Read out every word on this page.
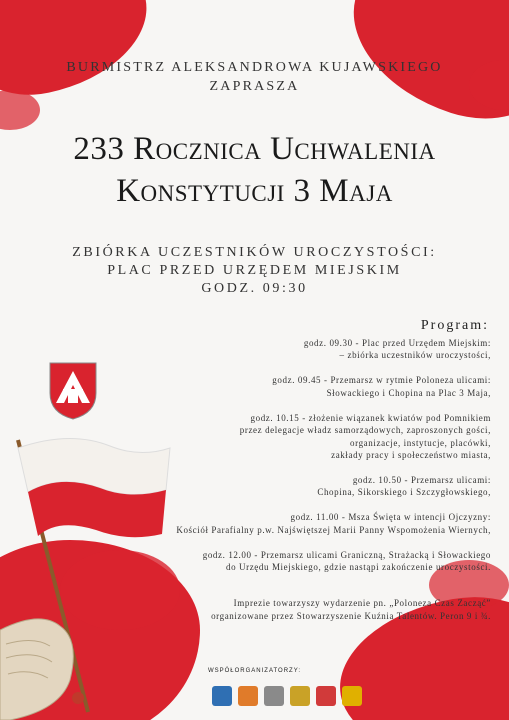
BURMISTRZ ALEKSANDROWA KUJAWSKIEGO
ZAPRASZA
233 Rocznica Uchwalenia
Konstytucji 3 Maja
ZBIÓRKA UCZESTNIKÓW UROCZYSTOŚCI:
PLAC PRZED URZĘDEM MIEJSKIM
GODZ. 09:30
Program:
godz. 09.30 - Plac przed Urzędem Miejskim:
– zbiórka uczestników uroczystości,
godz. 09.45 - Przemarsz w rytmie Poloneza ulicami:
Słowackiego i Chopina na Plac 3 Maja,
godz. 10.15 - złożenie wiązanek kwiatów pod Pomnikiem
przez delegacje władz samorządowych, zaproszonych gości,
organizacje, instytucje, placówki,
zakłady pracy i społeczeństwo miasta,
godz. 10.50 - Przemarsz ulicami:
Chopina, Sikorskiego i Szczygłowskiego,
godz. 11.00 - Msza Święta w intencji Ojczyzny:
Kościół Parafialny p.w. Najświętszej Marii Panny Wspomożenia Wiernych,
godz. 12.00 - Przemarsz ulicami Graniczną, Strażacką i Słowackiego
do Urzędu Miejskiego, gdzie nastąpi zakończenie uroczystości.
Imprezie towarzyszy wydarzenie pn. „Poloneza Czas Zacząć”
organizowane przez Stowarzyszenie Kuźnia Talentów. Peron 9 i ¾.
WSPÓŁORGANIZATORZY:
